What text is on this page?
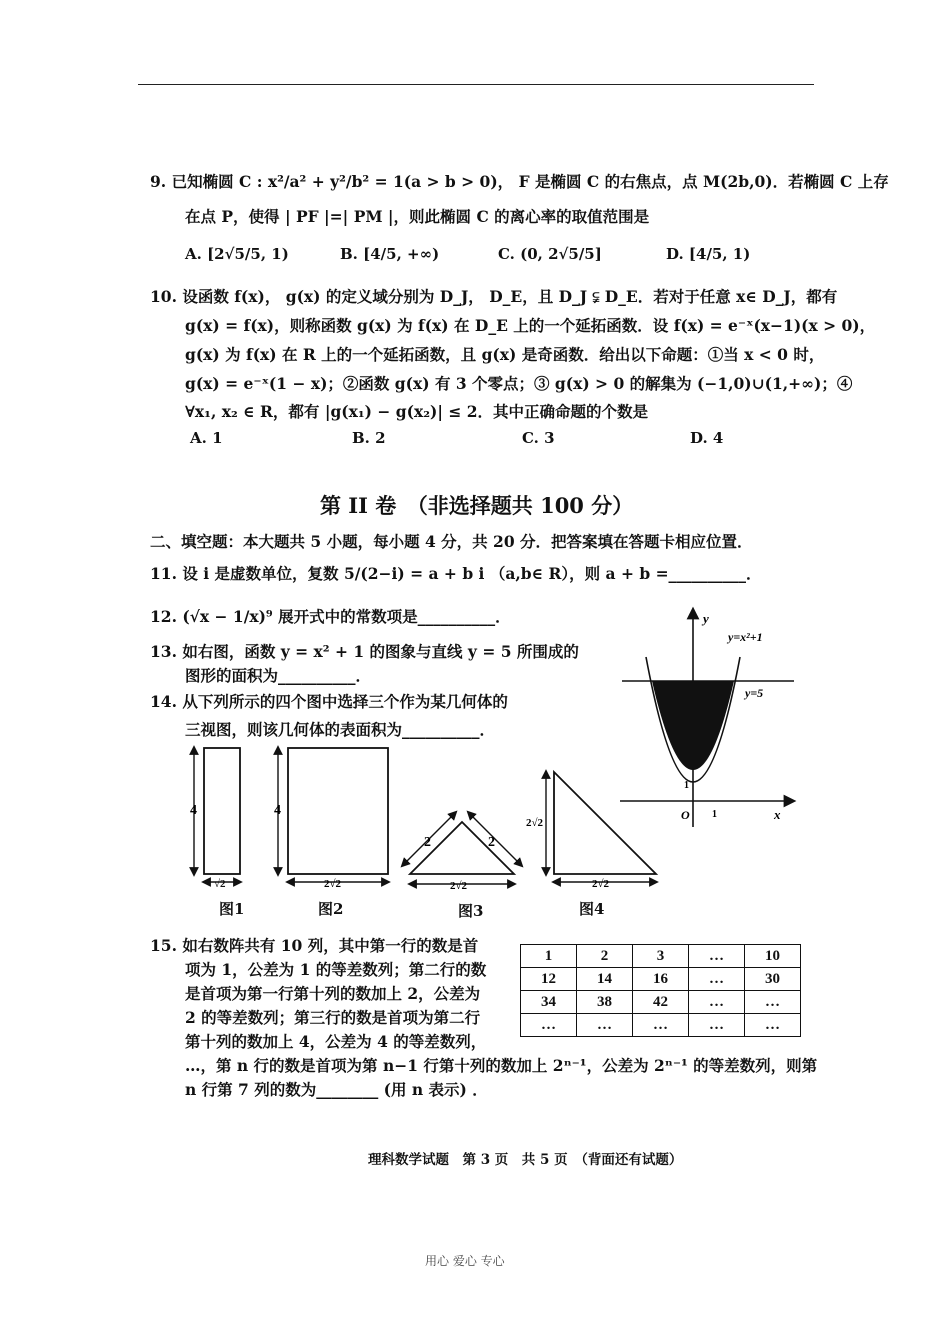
9. 已知椭圆 C : x²/a² + y²/b² = 1(a > b > 0)， F 是椭圆 C 的右焦点，点 M(2b,0)．若椭圆 C 上存
在点 P，使得 | PF |=| PM |，则此椭圆 C 的离心率的取值范围是
A. [2√5/5, 1)	B. [4/5, +∞)	C. (0, 2√5/5]	D. [4/5, 1)
10. 设函数 f(x)， g(x) 的定义域分别为 D_J， D_E，且 D_J ⫋ D_E．若对于任意 x∈ D_J，都有
g(x) = f(x)，则称函数 g(x) 为 f(x) 在 D_E 上的一个延拓函数．设 f(x) = e⁻ˣ(x−1)(x > 0)，
g(x) 为 f(x) 在 R 上的一个延拓函数，且 g(x) 是奇函数．给出以下命题：①当 x < 0 时，
g(x) = e⁻ˣ(1 − x)；②函数 g(x) 有 3 个零点；③ g(x) > 0 的解集为 (−1,0)∪(1,+∞)；④
∀x₁, x₂ ∈ R，都有 |g(x₁) − g(x₂)| ≤ 2．其中正确命题的个数是
A. 1	B. 2	C. 3	D. 4
第 II 卷　（非选择题共 100 分）
二、填空题：本大题共 5 小题，每小题 4 分，共 20 分．把答案填在答题卡相应位置．
11. 设 i 是虚数单位，复数 5/(2−i) = a + b i （a,b∈ R），则 a + b =__________．
12. (√x − 1/x)⁹ 展开式中的常数项是__________．
13. 如右图，函数 y = x² + 1 的图象与直线 y = 5 所围成的
图形的面积为__________．
14. 从下列所示的四个图中选择三个作为某几何体的
三视图，则该几何体的表面积为__________．
y
y=x²+1
y=5
1
O 1	x
4
√2
图1
4
2√2
图2
2	2
2√2
图3
2√2
2√2
图4
15. 如右数阵共有 10 列，其中第一行的数是首
项为 1，公差为 1 的等差数列；第二行的数
是首项为第一行第十列的数加上 2，公差为
2 的等差数列；第三行的数是首项为第二行
第十列的数加上 4，公差为 4 的等差数列，
…，第 n 行的数是首项为第 n−1 行第十列的数加上 2ⁿ⁻¹，公差为 2ⁿ⁻¹ 的等差数列，则第
n 行第 7 列的数为________ (用 n 表示) ．
1	2	3	…	10
12	14	16	…	30
34	38	42	…	…
…	…	…	…	…
理科数学试题　第 3 页　共 5 页　（背面还有试题）
用心 爱心 专心
